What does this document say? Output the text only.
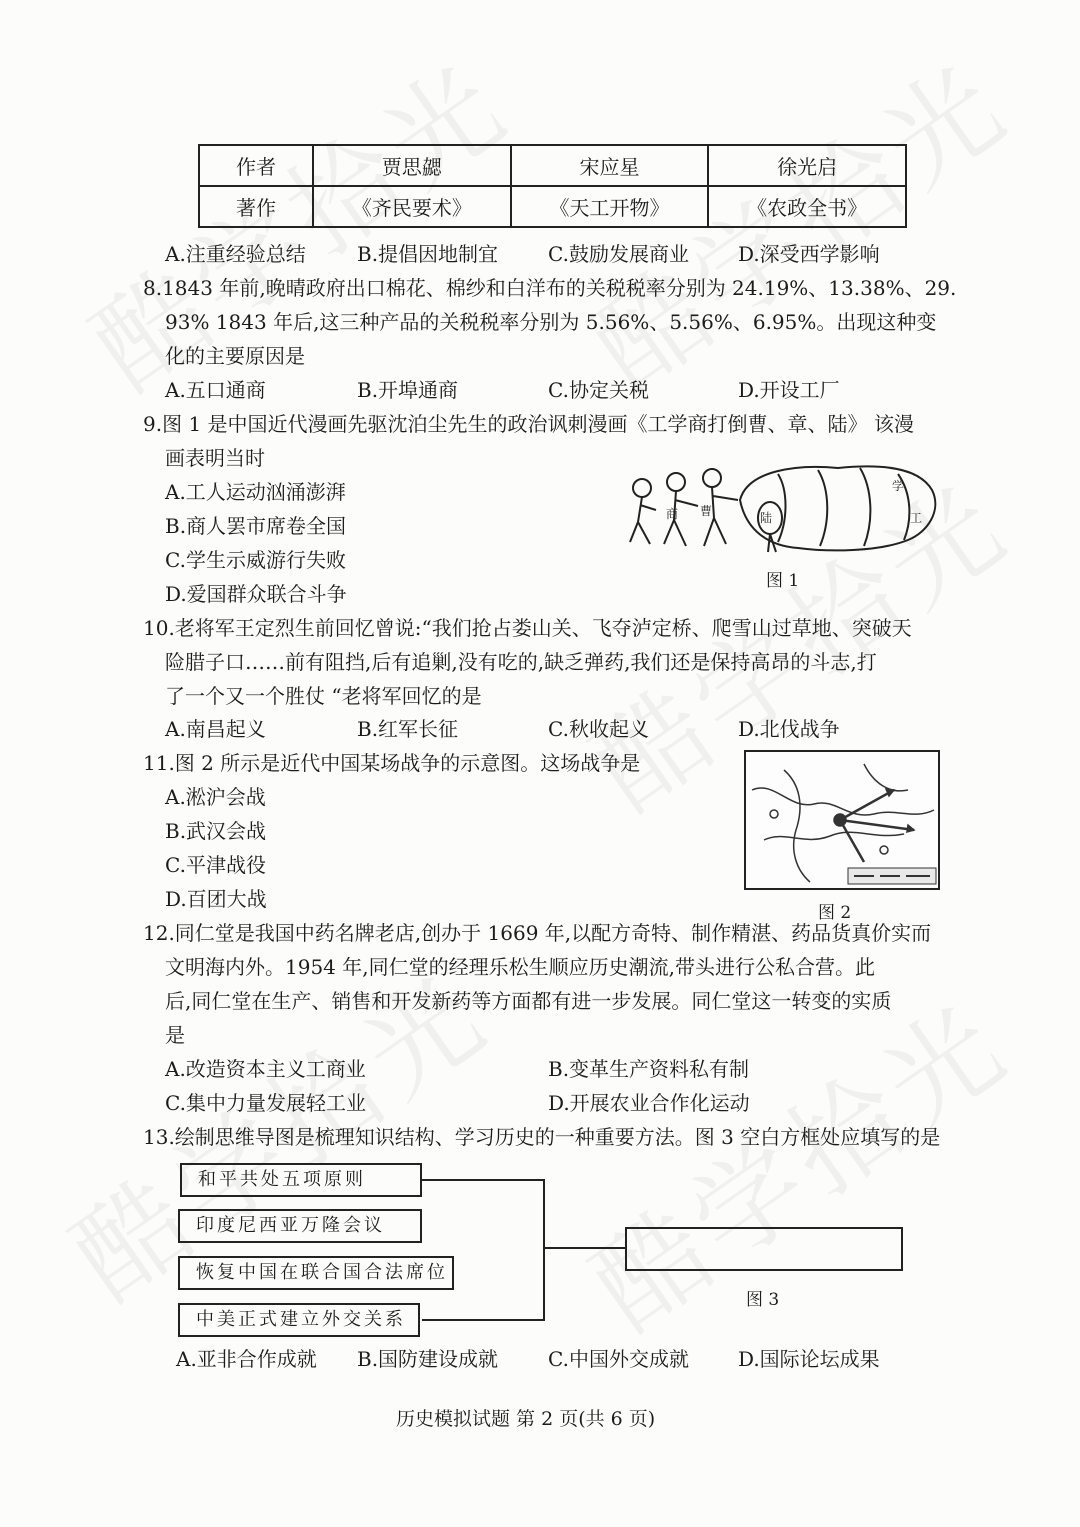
作者	贾思勰	宋应星	徐光启
著作	《齐民要术》	《天工开物》	《农政全书》
A.注重经验总结	B.提倡因地制宜 C.鼓励发展商业 D.深受西学影响
8.1843 年前,晚晴政府出口棉花、棉纱和白洋布的关税税率分别为 24.19%、13.38%、29.
93% 1843 年后,这三种产品的关税税率分别为 5.56%、5.56%、6.95%。出现这种变
化的主要原因是
A.五口通商	B.开埠通商	C.协定关税	D.开设工厂
9.图 1 是中国近代漫画先驱沈泊尘先生的政治讽刺漫画《工学商打倒曹、章、陆》 该漫
画表明当时
A.工人运动汹涌澎湃
B.商人罢市席卷全国
C.学生示威游行失败
D.爱国群众联合斗争
商 曹	陆
学
工
图 1
10.老将军王定烈生前回忆曾说:“我们抢占娄山关、飞夺泸定桥、爬雪山过草地、突破天
险腊子口……前有阻挡,后有追剿,没有吃的,缺乏弹药,我们还是保持高昂的斗志,打
了一个又一个胜仗 “老将军回忆的是
A.南昌起义	B.红军长征	C.秋收起义	D.北伐战争
11.图 2 所示是近代中国某场战争的示意图。这场战争是
A.淞沪会战
B.武汉会战
C.平津战役
D.百团大战
图 2
12.同仁堂是我国中药名牌老店,创办于 1669 年,以配方奇特、制作精湛、药品货真价实而
文明海内外。1954 年,同仁堂的经理乐松生顺应历史潮流,带头进行公私合营。此
后,同仁堂在生产、销售和开发新药等方面都有进一步发展。同仁堂这一转变的实质
是
A.改造资本主义工商业	B.变革生产资料私有制
C.集中力量发展轻工业	D.开展农业合作化运动
13.绘制思维导图是梳理知识结构、学习历史的一种重要方法。图 3 空白方框处应填写的是
和平共处五项原则
印度尼西亚万隆会议
恢复中国在联合国合法席位
中美正式建立外交关系
图 3
A.亚非合作成就 B.国防建设成就 C.中国外交成就 D.国际论坛成果
历史模拟试题 第 2 页(共 6 页)
